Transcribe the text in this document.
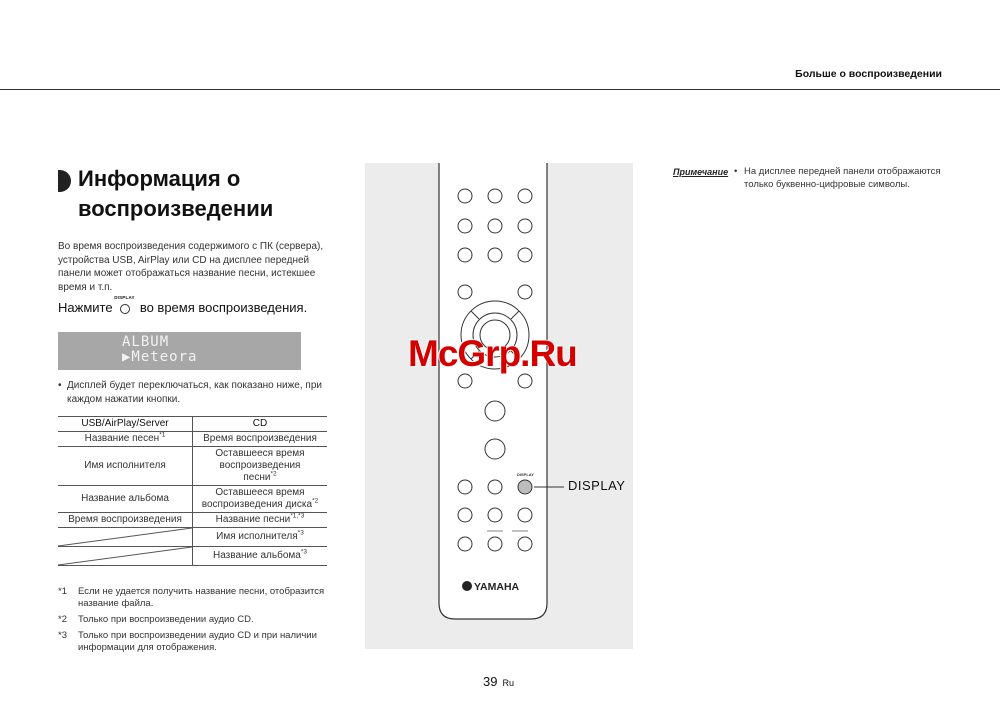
Больше о воспроизведении
Информация о
воспроизведении

Во время воспроизведения содержимого с ПК (сервера), устройства USB, AirPlay или CD на дисплее передней панели может отображаться название песни, истекшее время и т.п.

Нажмите
DISPLAY
во время воспроизведения.

ALBUM
▶Meteora

• Дисплей будет переключаться, как показано ниже, при каждом нажатии кнопки.

USB/AirPlay/Server	CD
Название песен$^{*1}$	Время воспроизведения
Имя исполнителя	Оставшееся время воспроизведения песни$^{*2}$
Название альбома	Оставшееся время воспроизведения диска$^{*2}$
Время воспроизведения	Название песни$^{*1,*3}$

	Имя исполнителя$^{*3}$

	Название альбома$^{*3}$
*1 Если не удается получить название песни, отобразится название файла.
*2 Только при воспроизведении аудио CD.
*3 Только при воспроизведении аудио CD и при наличии информации для отображения.
DISPLAY
YAMAHA
DISPLAY
McGrp.Ru
Примечание	• На дисплее передней панели отображаются только буквенно-цифровые символы.
39 Ru
